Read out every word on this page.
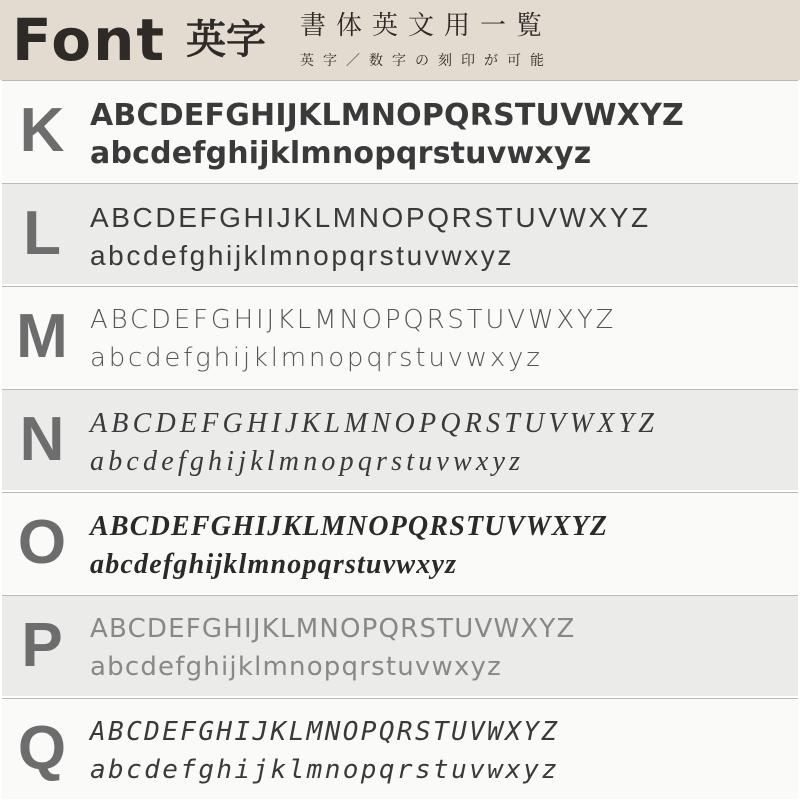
Font 英字 書体英文用一覧
英字／数字の刻印が可能
K ABCDEFGHIJKLMNOPQRSTUVWXYZ
abcdefghijklmnopqrstuvwxyz
L	ABCDEFGHIJKLMNOPQRSTUVWXYZ
abcdefghijklmnopqrstuvwxyz
M ABCDEFGHIJKLMNOPQRSTUVWXYZ
abcdefghijklmnopqrstuvwxyz
N ABCDEFGHIJKLMNOPQRSTUVWXYZ
abcdefghijklmnopqrstuvwxyz
O ABCDEFGHIJKLMNOPQRSTUVWXYZ
abcdefghijklmnopqrstuvwxyz
P	ABCDEFGHIJKLMNOPQRSTUVWXYZ
abcdefghijklmnopqrstuvwxyz
Q ABCDEFGHIJKLMNOPQRSTUVWXYZ
abcdefghijklmnopqrstuvwxyz
